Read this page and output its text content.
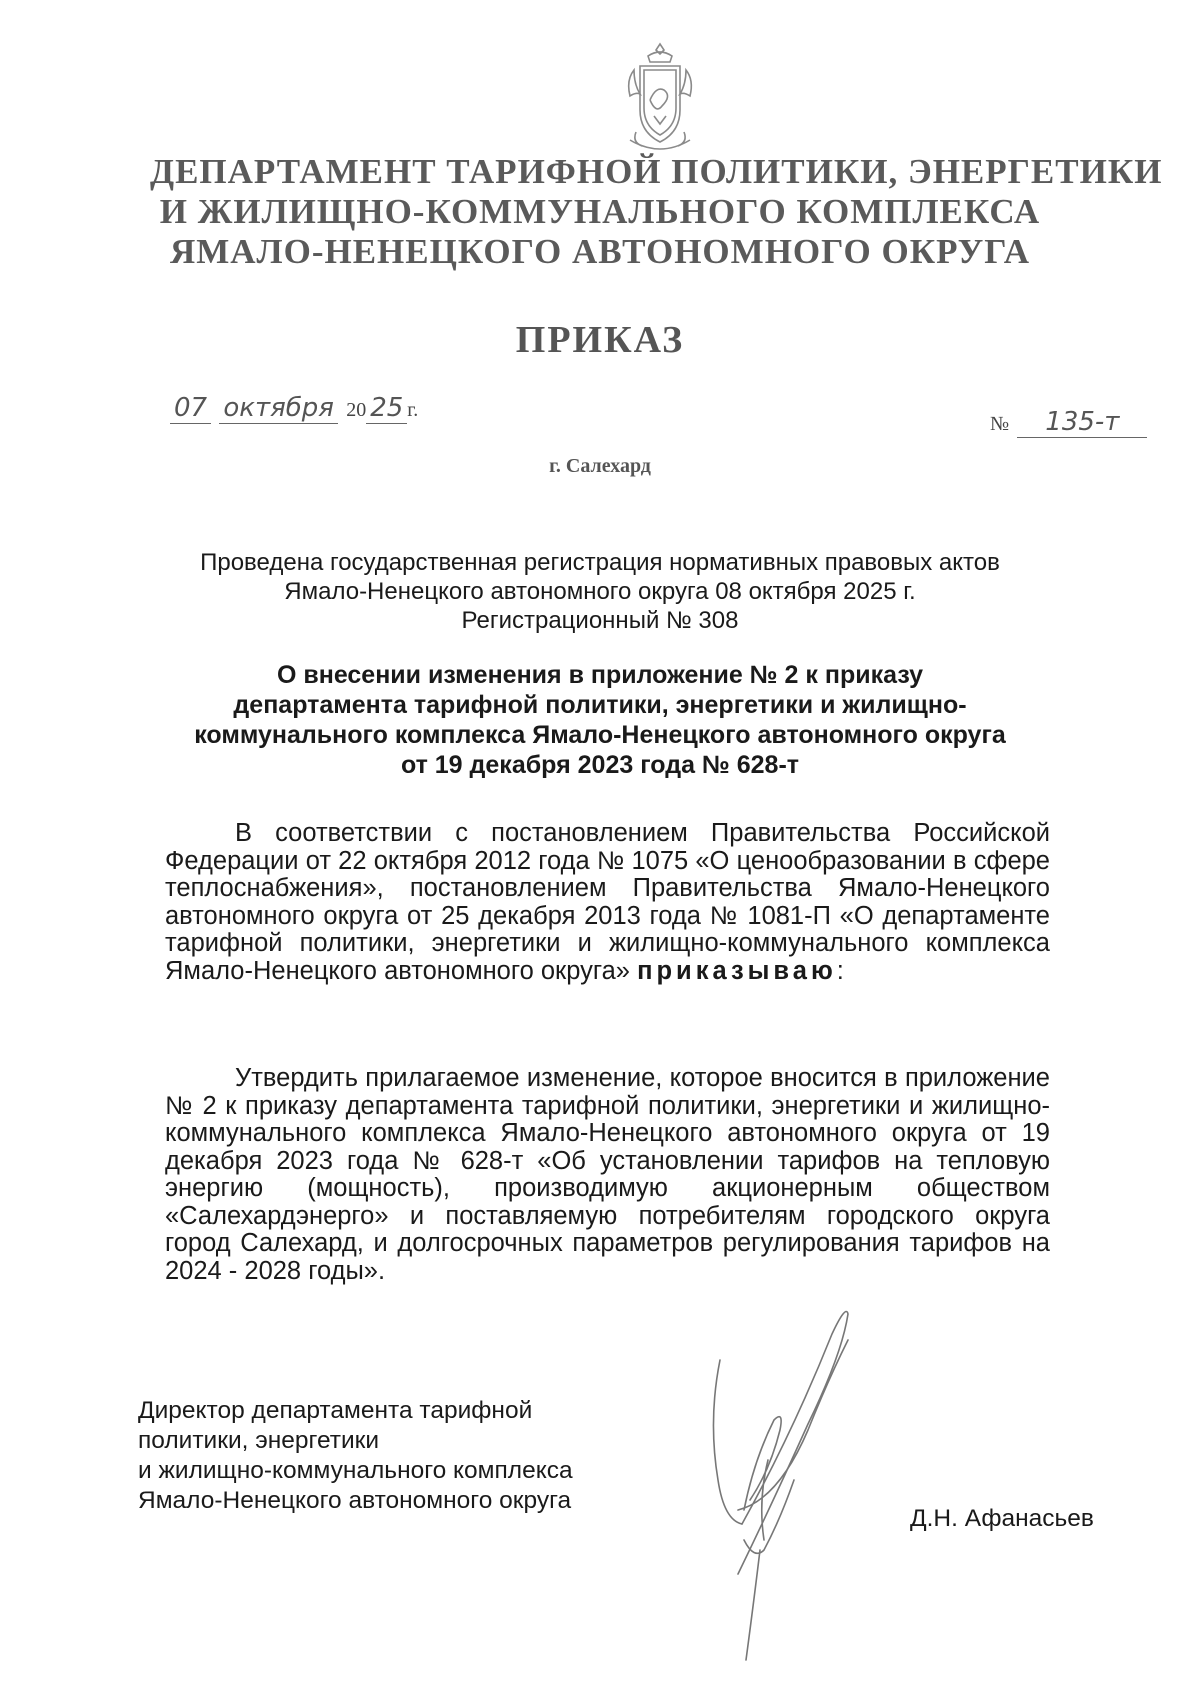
ДЕПАРТАМЕНТ ТАРИФНОЙ ПОЛИТИКИ, ЭНЕРГЕТИКИ
И ЖИЛИЩНО-КОММУНАЛЬНОГО КОМПЛЕКСА
ЯМАЛО-НЕНЕЦКОГО АВТОНОМНОГО ОКРУГА
ПРИКАЗ
07 октября 20 25 г.
№ 135-т
г. Салехард
Проведена государственная регистрация нормативных правовых актов
Ямало-Ненецкого автономного округа 08 октября 2025 г.
Регистрационный № 308
О внесении изменения в приложение № 2 к приказу
департамента тарифной политики, энергетики и жилищно-
коммунального комплекса Ямало-Ненецкого автономного округа
от 19 декабря 2023 года № 628-т
В соответствии с постановлением Правительства Российской Федерации от 22 октября 2012 года № 1075 «О ценообразовании в сфере теплоснабжения», постановлением Правительства Ямало-Ненецкого автономного округа от 25 декабря 2013 года № 1081-П «О департаменте тарифной политики, энергетики и жилищно-коммунального комплекса Ямало-Ненецкого автономного округа» приказываю:
Утвердить прилагаемое изменение, которое вносится в приложение № 2 к приказу департамента тарифной политики, энергетики и жилищно-коммунального комплекса Ямало-Ненецкого автономного округа от 19 декабря 2023 года № 628-т «Об установлении тарифов на тепловую энергию (мощность), производимую акционерным обществом «Салехардэнерго» и поставляемую потребителям городского округа город Салехард, и долгосрочных параметров регулирования тарифов на 2024 - 2028 годы».
Директор департамента тарифной
политики, энергетики
и жилищно-коммунального комплекса
Ямало-Ненецкого автономного округа
Д.Н. Афанасьев
